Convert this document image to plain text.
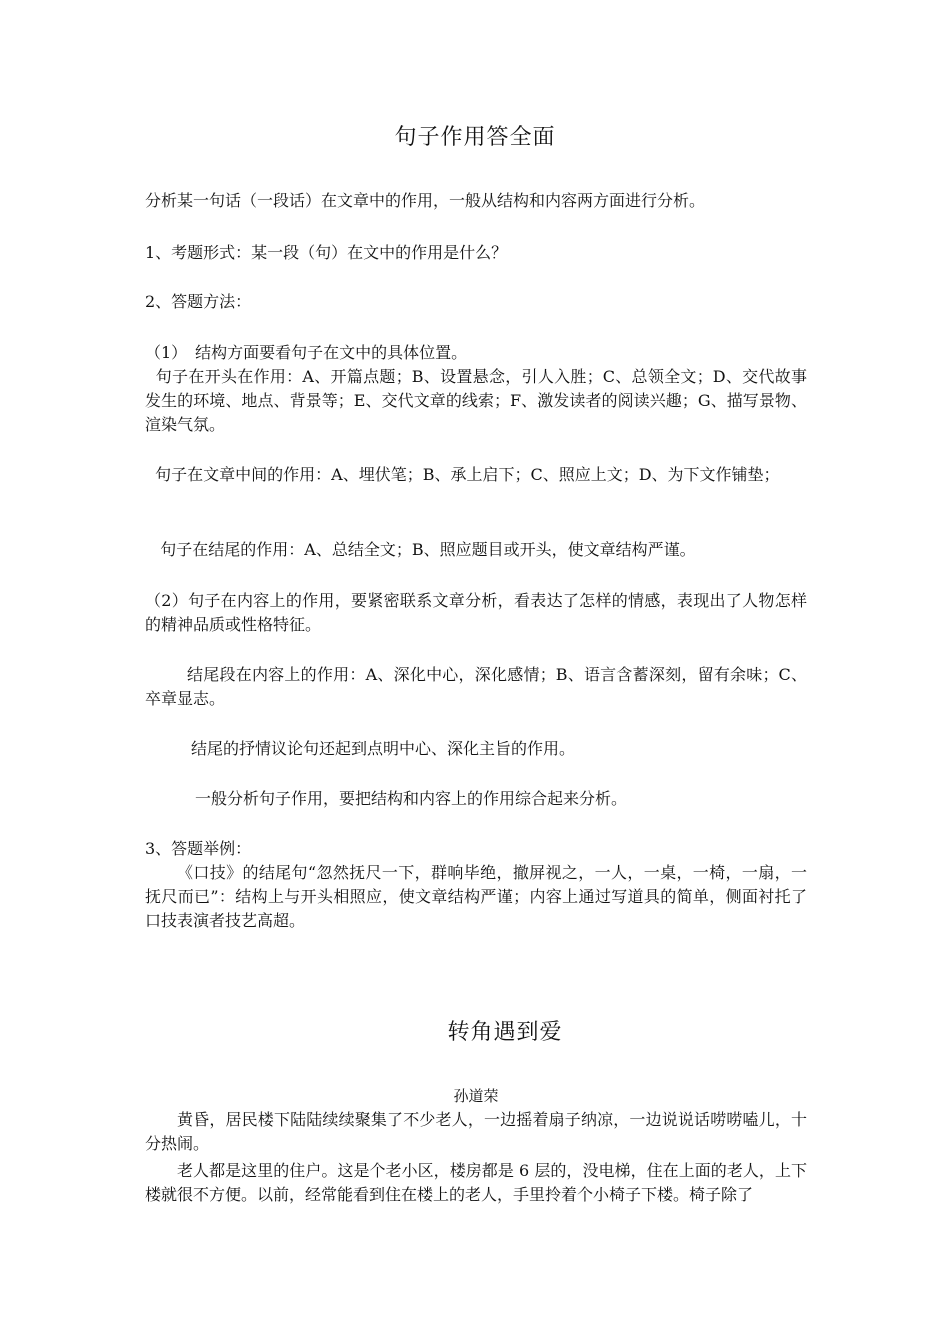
句子作用答全面

分析某一句话（一段话）在文章中的作用，一般从结构和内容两方面进行分析。

1、考题形式：某一段（句）在文中的作用是什么？

2、答题方法：

（1）　结构方面要看句子在文中的具体位置。

句子在开头在作用：A、开篇点题；B、设置悬念，引人入胜；C、总领全文；D、交代故事发生的环境、地点、背景等；E、交代文章的线索；F、激发读者的阅读兴趣；G、描写景物、渲染气氛。

句子在文章中间的作用：A、埋伏笔；B、承上启下；C、照应上文；D、为下文作铺垫；

句子在结尾的作用：A、总结全文；B、照应题目或开头，使文章结构严谨。

（2）句子在内容上的作用，要紧密联系文章分析，看表达了怎样的情感，表现出了人物怎样的精神品质或性格特征。

结尾段在内容上的作用：A、深化中心，深化感情；B、语言含蓄深刻，留有余味；C、卒章显志。

结尾的抒情议论句还起到点明中心、深化主旨的作用。

一般分析句子作用，要把结构和内容上的作用综合起来分析。

3、答题举例：

《口技》的结尾句“忽然抚尺一下，群响毕绝，撤屏视之，一人，一桌，一椅，一扇，一抚尺而已”：结构上与开头相照应，使文章结构严谨；内容上通过写道具的简单，侧面衬托了口技表演者技艺高超。

转角遇到爱

孙道荣

黄昏，居民楼下陆陆续续聚集了不少老人，一边摇着扇子纳凉，一边说说话唠唠嗑儿，十分热闹。

老人都是这里的住户。这是个老小区，楼房都是 6 层的，没电梯，住在上面的老人，上下楼就很不方便。以前，经常能看到住在楼上的老人，手里拎着个小椅子下楼。椅子除了
